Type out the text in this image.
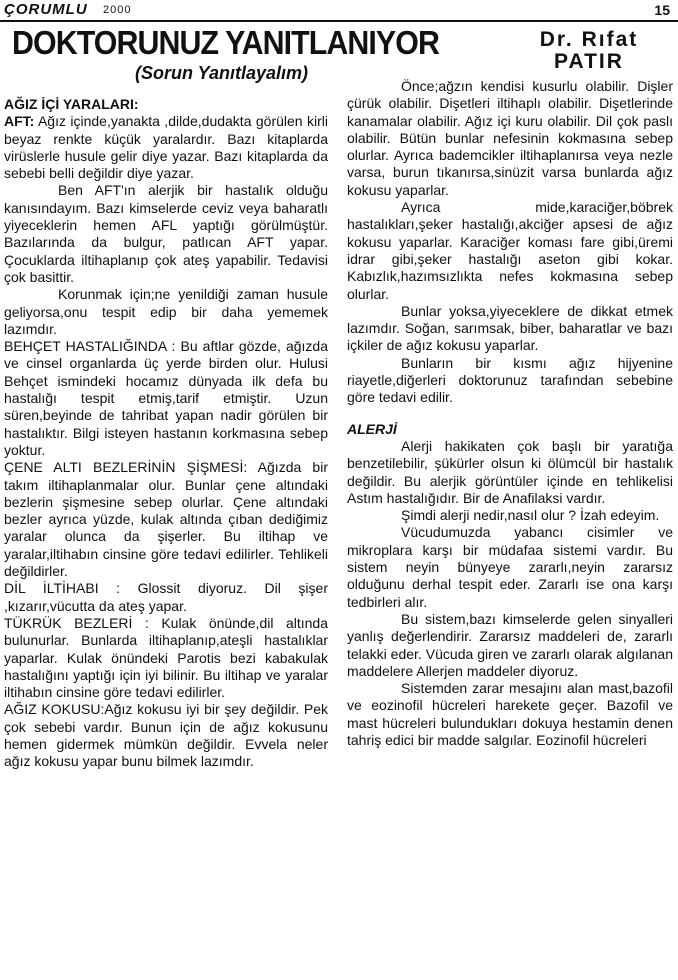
ÇORUMLU 2000	15
DOKTORUNUZ YANITLANIYOR	Dr. Rıfat
PATIR
(Sorun Yanıtlayalım)

AĞIZ İÇİ YARALARI:

AFT: Ağız içinde,yanakta ,dilde,dudakta görülen kirli beyaz renkte küçük yaralardır. Bazı kitaplarda virüslerle husule gelir diye yazar. Bazı kitaplarda da sebebi belli değildir diye yazar.

Ben AFT'ın alerjik bir hastalık olduğu kanısındayım. Bazı kimselerde ceviz veya baharatlı yiyeceklerin hemen AFL yaptığı görülmüştür. Bazılarında da bulgur, patlıcan AFT yapar. Çocuklarda iltihaplanıp çok ateş yapabilir. Tedavisi çok basittir.

Korunmak için;ne yenildiği zaman husule geliyorsa,onu tespit edip bir daha yememek lazımdır.

BEHÇET HASTALIĞINDA : Bu aftlar gözde, ağızda ve cinsel organlarda üç yerde birden olur. Hulusi Behçet ismindeki hocamız dünyada ilk defa bu hastalığı tespit etmiş,tarif etmiştir. Uzun süren,beyinde de tahribat yapan nadir görülen bir hastalıktır. Bilgi isteyen hastanın korkmasına sebep yoktur.

ÇENE ALTI BEZLERİNİN ŞİŞMESİ: Ağızda bir takım iltihaplanmalar olur. Bunlar çene altındaki bezlerin şişmesine sebep olurlar. Çene altındaki bezler ayrıca yüzde, kulak altında çıban dediğimiz yaralar olunca da şişerler. Bu iltihap ve yaralar,iltihabın cinsine göre tedavi edilirler. Tehlikeli değildirler.

DİL İLTİHABI : Glossit diyoruz. Dil şişer ,kızarır,vücutta da ateş yapar.

TÜKRÜK BEZLERİ : Kulak önünde,dil altında bulunurlar. Bunlarda iltihaplanıp,ateşli hastalıklar yaparlar. Kulak önündeki Parotis bezi kabakulak hastalığını yaptığı için iyi bilinir. Bu iltihap ve yaralar iltihabın cinsine göre tedavi edilirler.

AĞIZ KOKUSU:Ağız kokusu iyi bir şey değildir. Pek çok sebebi vardır. Bunun için de ağız kokusunu hemen gidermek mümkün değildir. Evvela neler ağız kokusu yapar bunu bilmek lazımdır.

Önce;ağzın kendisi kusurlu olabilir. Dişler çürük olabilir. Dişetleri iltihaplı olabilir. Dişetlerinde kanamalar olabilir. Ağız içi kuru olabilir. Dil çok paslı olabilir. Bütün bunlar nefesinin kokmasına sebep olurlar. Ayrıca bademcikler iltihaplanırsa veya nezle varsa, burun tıkanırsa,sinüzit varsa bunlarda ağız kokusu yaparlar.

Ayrıca mide,karaciğer,böbrek hastalıkları,şeker hastalığı,akciğer apsesi de ağız kokusu yaparlar. Karaciğer koması fare gibi,üremi idrar gibi,şeker hastalığı aseton gibi kokar. Kabızlık,hazımsızlıkta nefes kokmasına sebep olurlar.

Bunlar yoksa,yiyeceklere de dikkat etmek lazımdır. Soğan, sarımsak, biber, baharatlar ve bazı içkiler de ağız kokusu yaparlar.

Bunların bir kısmı ağız hijyenine riayetle,diğerleri doktorunuz tarafından sebebine göre tedavi edilir.

ALERJİ

Alerji hakikaten çok başlı bir yaratığa benzetilebilir, şükürler olsun ki ölümcül bir hastalık değildir. Bu alerjik görüntüler içinde en tehlikelisi Astım hastalığıdır. Bir de Anafilaksi vardır.

Şimdi alerji nedir,nasıl olur ? İzah edeyim.

Vücudumuzda yabancı cisimler ve mikroplara karşı bir müdafaa sistemi vardır. Bu sistem neyin bünyeye zararlı,neyin zararsız olduğunu derhal tespit eder. Zararlı ise ona karşı tedbirleri alır.

Bu sistem,bazı kimselerde gelen sinyalleri yanlış değerlendirir. Zararsız maddeleri de, zararlı telakki eder. Vücuda giren ve zararlı olarak algılanan maddelere Allerjen maddeler diyoruz.

Sistemden zarar mesajını alan mast,bazofil ve eozinofil hücreleri harekete geçer. Bazofil ve mast hücreleri bulundukları dokuya hestamin denen tahriş edici bir madde salgılar. Eozinofil hücreleri
